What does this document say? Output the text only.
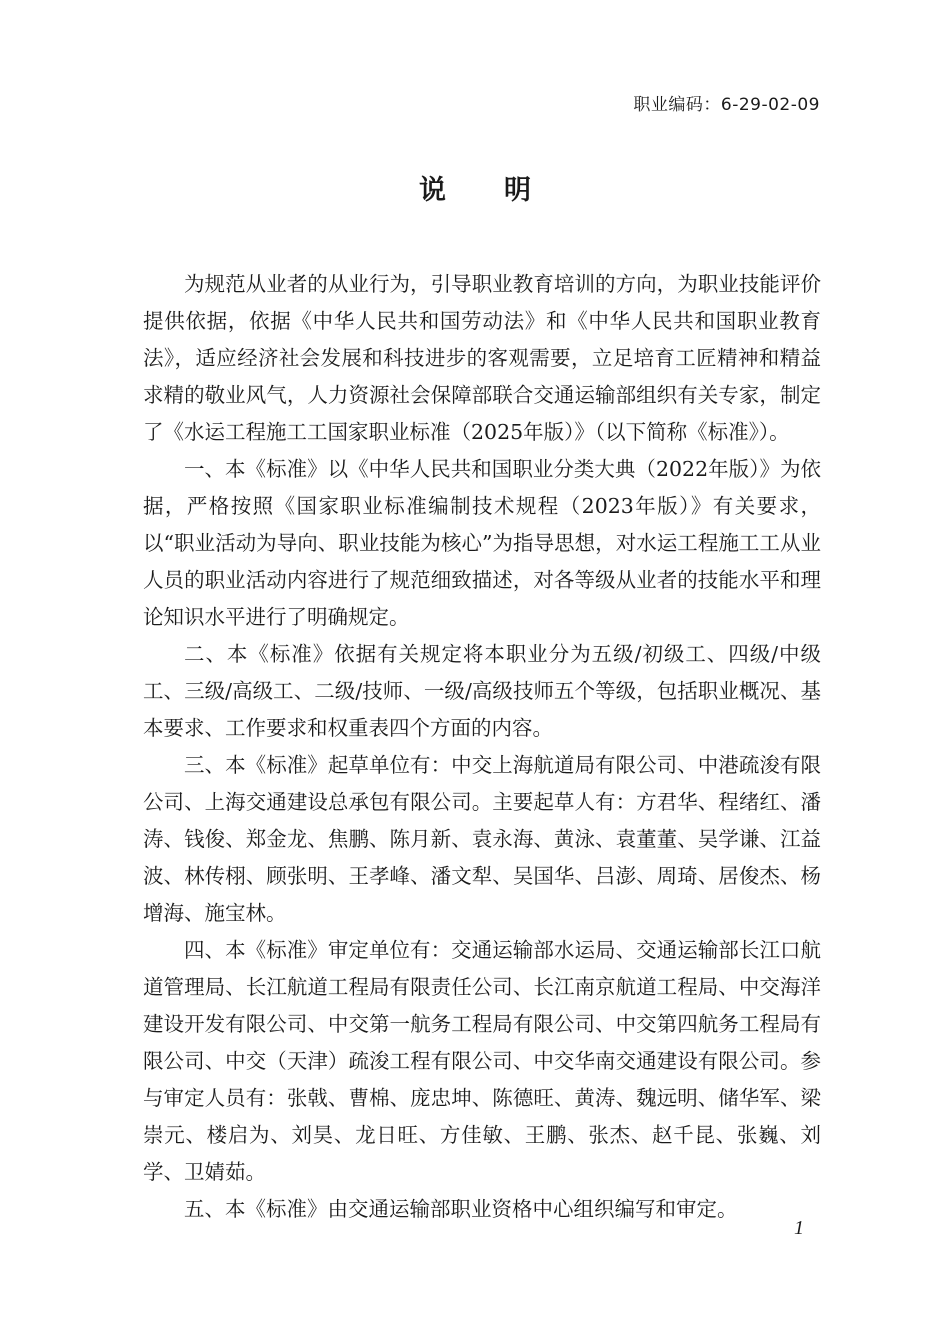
职业编码：6-29-02-09
说明

为规范从业者的从业行为，引导职业教育培训的方向，为职业技能评价提供依据，依据《中华人民共和国劳动法》和《中华人民共和国职业教育法》，适应经济社会发展和科技进步的客观需要，立足培育工匠精神和精益求精的敬业风气，人力资源社会保障部联合交通运输部组织有关专家，制定了《水运工程施工工国家职业标准（2025年版）》（以下简称《标准》）。

一、本《标准》以《中华人民共和国职业分类大典（2022年版）》为依据，严格按照《国家职业标准编制技术规程（2023年版）》有关要求，以“职业活动为导向、职业技能为核心”为指导思想，对水运工程施工工从业人员的职业活动内容进行了规范细致描述，对各等级从业者的技能水平和理论知识水平进行了明确规定。

二、本《标准》依据有关规定将本职业分为五级/初级工、四级/中级工、三级/高级工、二级/技师、一级/高级技师五个等级，包括职业概况、基本要求、工作要求和权重表四个方面的内容。

三、本《标准》起草单位有：中交上海航道局有限公司、中港疏浚有限公司、上海交通建设总承包有限公司。主要起草人有：方君华、程绪红、潘涛、钱俊、郑金龙、焦鹏、陈月新、袁永海、黄泳、袁董董、吴学谦、江益波、林传栩、顾张明、王孝峰、潘文犁、吴国华、吕澎、周琦、居俊杰、杨增海、施宝林。

四、本《标准》审定单位有：交通运输部水运局、交通运输部长江口航道管理局、长江航道工程局有限责任公司、长江南京航道工程局、中交海洋建设开发有限公司、中交第一航务工程局有限公司、中交第四航务工程局有限公司、中交（天津）疏浚工程有限公司、中交华南交通建设有限公司。参与审定人员有：张戟、曹棉、庞忠坤、陈德旺、黄涛、魏远明、储华军、梁崇元、楼启为、刘昊、龙日旺、方佳敏、王鹏、张杰、赵千昆、张巍、刘学、卫婧茹。

五、本《标准》由交通运输部职业资格中心组织编写和审定。

1
